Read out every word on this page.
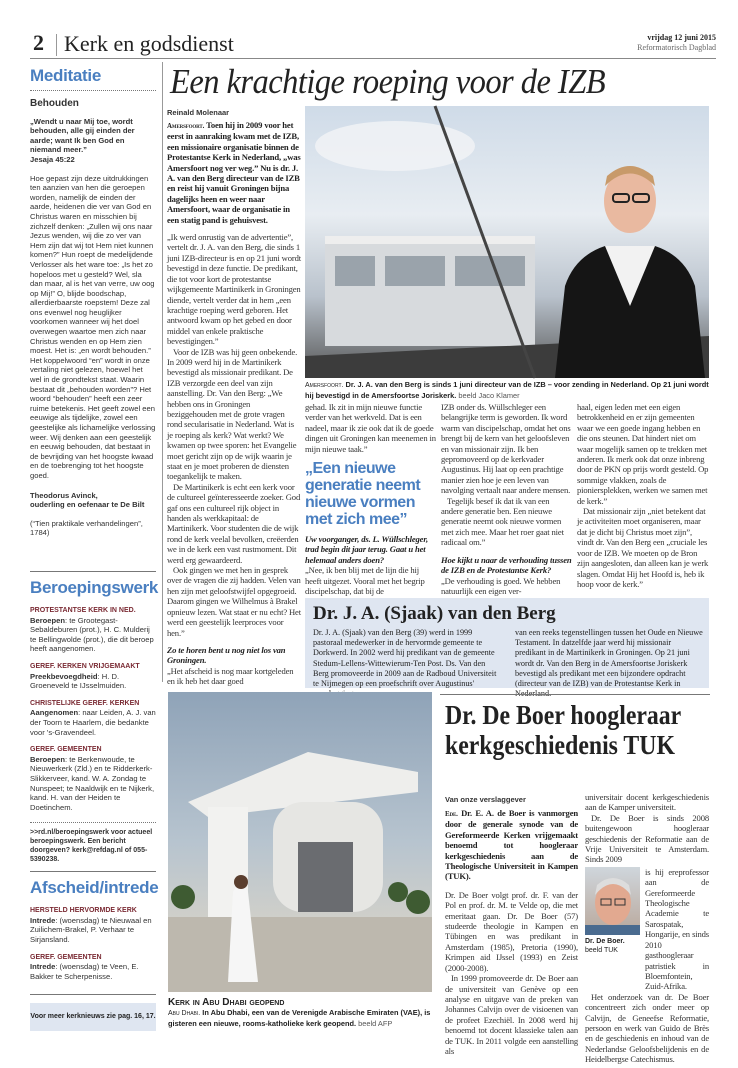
2 Kerk en godsdienst	vrijdag 12 juni 2015
Reformatorisch Dagblad
Meditatie
Behouden
„Wendt u naar Mij toe, wordt behouden, alle gij einden der aarde; want Ik ben God en niemand meer.”
Jesaja 45:22
Hoe gepast zijn deze uitdrukkingen ten aanzien van hen die geroepen worden, namelijk de einden der aarde, heidenen die ver van God en Christus waren en misschien bij zichzelf denken: „Zullen wij ons naar Jezus wenden, wij die zo ver van Hem zijn dat wij tot Hem niet kunnen komen?” Hun roept de medelijdende Verlosser als het ware toe: „Is het zo hopeloos met u gesteld? Wel, sla dan maar, al is het van verre, uw oog op Mij!” O, blijde boodschap, allerdierbaarste roepstem! Deze zal ons evenwel nog heuglijker voorkomen wanneer wij het doel overwegen waartoe men zich naar Christus wenden en op Hem zien moest. Het is: „en wordt behouden.” Het koppelwoord “en” wordt in onze vertaling niet gelezen, hoewel het wel in de grondtekst staat. Waarin bestaat dit „behouden worden”? Het woord “behouden” heeft een zeer ruime betekenis. Het geeft zowel een eeuwige als tijdelijke, zowel een geestelijke als lichamelijke verlossing weer. Wij denken aan een geestelijk en eeuwig behouden, dat bestaat in de bevrijding van het hoogste kwaad en de toebrenging tot het hoogste goed.
Theodorus Avinck,
ouderling en oefenaar te De Bilt
(“Tien praktikale verhandelingen”, 1784)
Beroepingswerk
PROTESTANTSE KERK IN NED.
Beroepen: te Grootegast-Sebaldeburen (prot.), H. C. Mulderij te Bellingwolde (prot.), die dit beroep heeft aangenomen.
GEREF. KERKEN VRIJGEMAAKT
Preekbevoegdheid: H. D. Groeneveld te IJsselmuiden.
CHRISTELIJKE GEREF. KERKEN
Aangenomen: naar Leiden, A. J. van der Toorn te Haarlem, die bedankte voor 's-Gravendeel.
GEREF. GEMEENTEN
Beroepen: te Berkenwoude, te Nieuwerkerk (Zld.) en te Ridderkerk-Slikkerveer, kand. W. A. Zondag te Nunspeet; te Naaldwijk en te Nijkerk, kand. H. van der Heiden te Doetinchem.
>>rd.nl/beroepingswerk voor actueel beroepingswerk. Een bericht doorgeven? kerk@refdag.nl of 055-5390238.
Afscheid/intrede
HERSTELD HERVORMDE KERK
Intrede: (woensdag) te Nieuwaal en Zuilichem-Brakel, P. Verhaar te Sirjansland.
GEREF. GEMEENTEN
Intrede: (woensdag) te Veen, E. Bakker te Scherpenisse.
Voor meer kerknieuws zie pag. 16, 17.
Een krachtige roeping voor de IZB
Reinald Molenaar

Amersfoort. Toen hij in 2009 voor het eerst in aanraking kwam met de IZB, een missionaire organisatie binnen de Protestantse Kerk in Nederland, „was Amersfoort nog ver weg.” Nu is dr. J. A. van den Berg directeur van de IZB en reist hij vanuit Groningen bijna dagelijks heen en weer naar Amersfoort, waar de organisatie in een statig pand is gehuisvest.

„Ik werd onrustig van de advertentie”, vertelt dr. J. A. van den Berg, die sinds 1 juni IZB-directeur is en op 21 juni wordt bevestigd in deze functie. De predikant, die tot voor kort de protestantse wijkgemeente Martinikerk in Groningen diende, vertelt verder dat in hem „een krachtige roeping werd geboren. Het antwoord kwam op het gebed en door middel van enkele praktische bevestigingen.”

Voor de IZB was hij geen onbekende. In 2009 werd hij in de Martinikerk bevestigd als missionair predikant. De IZB verzorgde een deel van zijn aanstelling. Dr. Van den Berg: „We hebben ons in Groningen beziggehouden met de grote vragen rond secularisatie in Nederland. Wat is je roeping als kerk? Wat werkt? We kwamen op twee sporen: het Evangelie moet gericht zijn op de wijk waarin je staat en je moet proberen de diensten toegankelijk te maken.

De Martinikerk is echt een kerk voor de cultureel geïnteresseerde zoeker. God gaf ons een cultureel rijk object in handen als werkkapitaal: de Martinikerk. Voor studenten die de wijk rond de kerk veelal bevolken, creëerden we in de kerk een vast rustmoment. Dit werd erg gewaardeerd.

Ook gingen we met hen in gesprek over de vragen die zij hadden. Velen van hen zijn met geloofstwijfel opgegroeid. Daarom gingen we Wilhelmus à Brakel opnieuw lezen. Wat staat er nu echt? Het werd een geestelijk leerproces voor hen.”

Zo te horen bent u nog niet los van Groningen.

„Het afscheid is nog maar kortgeleden en ik heb het daar goed

Amersfoort. Dr. J. A. van den Berg is sinds 1 juni directeur van de IZB – voor zending in Nederland. Op 21 juni wordt hij bevestigd in de Amersfoortse Joriskerk. beeld Jaco Klamer

gehad. Ik zit in mijn nieuwe functie verder van het werkveld. Dat is een nadeel, maar ik zie ook dat ik de goede dingen uit Groningen kan meenemen in mijn nieuwe taak.”

„Een nieuwe generatie neemt nieuwe vormen met zich mee”

Uw voorganger, ds. L. Wüllschleger, trad begin dit jaar terug. Gaat u het helemaal anders doen?

„Nee, ik ben blij met de lijn die hij heeft uitgezet. Vooral met het begrip discipelschap, dat bij de

IZB onder ds. Wüllschleger een belangrijke term is geworden. Ik word warm van discipelschap, omdat het ons brengt bij de kern van het geloofsleven en van missionair zijn. Ik ben gepromoveerd op de kerkvader Augustinus. Hij laat op een prachtige manier zien hoe je een leven van navolging vertaalt naar andere mensen.

Tegelijk besef ik dat ik van een andere generatie ben. Een nieuwe generatie neemt ook nieuwe vormen met zich mee. Maar het roer gaat niet radicaal om.”

Hoe kijkt u naar de verhouding tussen de IZB en de Protestantse Kerk?

„De verhouding is goed. We hebben natuurlijk een eigen ver-

haal, eigen leden met een eigen betrokkenheid en er zijn gemeenten waar we een goede ingang hebben en die ons steunen. Dat hindert niet om waar mogelijk samen op te trekken met anderen. Ik merk ook dat onze inbreng door de PKN op prijs wordt gesteld. Op sommige vlakken, zoals de pioniersplekken, werken we samen met de kerk.”

Dat missionair zijn „niet betekent dat je activiteiten moet organiseren, maar dat je dicht bij Christus moet zijn”, vindt dr. Van den Berg een „cruciale les voor de IZB. We moeten op de Bron zijn aangesloten, dan alleen kan je werk slagen. Omdat Hij het Hoofd is, heb ik hoop voor de kerk.”

Dr. J. A. (Sjaak) van den Berg
Dr. J. A. (Sjaak) van den Berg (39) werd in 1999 pastoraal medewerker in de hervormde gemeente te Dorkwerd. In 2002 werd hij predikant van de gemeente Stedum-Lellens-Wittewierum-Ten Post. Ds. Van den Berg promoveerde in 2009 aan de Radboud Universiteit te Nijmegen op een proefschrift over Augustinus'
van een reeks tegenstellingen tussen het Oude en Nieuwe Testament. In datzelfde jaar werd hij missionair predikant in de Martinikerk in Groningen. Op 21 juni wordt dr. Van den Berg in de Amersfoortse Joriskerk bevestigd als predikant met een bijzondere opdracht (directeur van de IZB) van de Protestantse Kerk in Nederland.
Kerk in Abu Dhabi geopend
Abu Dhabi. In Abu Dhabi, een van de Verenigde Arabische Emiraten (VAE), is gisteren een nieuwe, rooms-katholieke kerk geopend. beeld AFP
Dr. De Boer hoogleraar kerkgeschiedenis TUK
Van onze verslaggever

Ede. Dr. E. A. de Boer is vanmorgen door de generale synode van de Gereformeerde Kerken vrijgemaakt benoemd tot hoogleraar kerkgeschiedenis aan de Theologische Universiteit in Kampen (TUK).

Dr. De Boer volgt prof. dr. F. van der Pol en prof. dr. M. te Velde op, die met emeritaat gaan. Dr. De Boer (57) studeerde theologie in Kampen en Tübingen en was predikant in Amsterdam (1985), Pretoria (1990), Krimpen aid IJssel (1993) en Zeist (2000-2008).

In 1999 promoveerde dr. De Boer aan de universiteit van Genève op een analyse en uitgave van de preken van Johannes Calvijn over de visioenen van de profeet Ezechiël. In 2008 werd hij benoemd tot docent klassieke talen aan de TUK. In 2011 volgde een aanstelling als

universitair docent kerkgeschiedenis aan de Kamper universiteit.

Dr. De Boer is sinds 2008 buitengewoon hoogleraar geschiedenis der Reformatie aan de Vrije Universiteit te Amsterdam. Sinds 2009

Dr. De Boer.
beeld TUK
is hij ereprofessor aan de Gereformeerde Theologische Academie te Sarospatak, Hongarije, en sinds 2010 gasthoogleraar patristiek in Bloemfontein, Zuid-Afrika.

Het onderzoek van dr. De Boer concentreert zich onder meer op Calvijn, de Geneefse Reformatie, persoon en werk van Guido de Brès en de geschiedenis en inhoud van de Nederlandse Geloofsbelijdenis en de Heidelbergse Catechismus.
